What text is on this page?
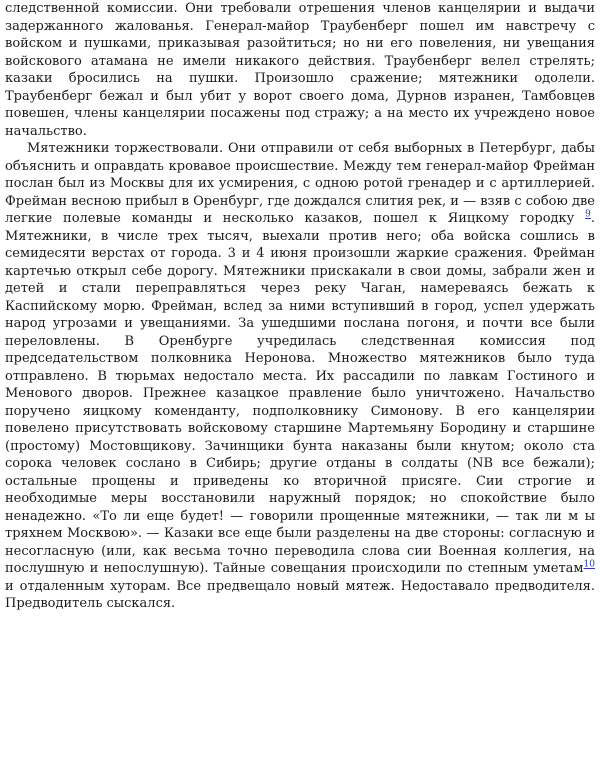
следственной комиссии. Они требовали отрешения членов канцелярии и выдачи задержанного жалованья. Генерал-майор Траубенберг пошел им навстречу с войском и пушками, приказывая разойтиться; но ни его повеления, ни увещания войскового атамана не имели никакого действия. Траубенберг велел стрелять; казаки бросились на пушки. Произошло сражение; мятежники одолели. Траубенберг бежал и был убит у ворот своего дома, Дурнов изранен, Тамбовцев повешен, члены канцелярии посажены под стражу; а на место их учреждено новое начальство.

Мятежники торжествовали. Они отправили от себя выборных в Петербург, дабы объяснить и оправдать кровавое происшествие. Между тем генерал-майор Фрейман послан был из Москвы для их усмирения, с одною ротой гренадер и с артиллерией. Фрейман весною прибыл в Оренбург, где дождался слития рек, и — взяв с собою две легкие полевые команды и несколько казаков, пошел к Яицкому городку $^9$. Мятежники, в числе трех тысяч, выехали против него; оба войска сошлись в семидесяти верстах от города. 3 и 4 июня произошли жаркие сражения. Фрейман картечью открыл себе дорогу. Мятежники прискакали в свои домы, забрали жен и детей и стали переправляться через реку Чаган, намереваясь бежать к Каспийскому морю. Фрейман, вслед за ними вступивший в город, успел удержать народ угрозами и увещаниями. За ушедшими послана погоня, и почти все были переловлены. В Оренбурге учредилась следственная комиссия под председательством полковника Неронова. Множество мятежников было туда отправлено. В тюрьмах недостало места. Их рассадили по лавкам Гостиного и Менового дворов. Прежнее казацкое правление было уничтожено. Начальство поручено яицкому коменданту, подполковнику Симонову. В его канцелярии повелено присутствовать войсковому старшине Мартемьяну Бородину и старшине (простому) Мостовщикову. Зачинщики бунта наказаны были кнутом; около ста сорока человек сослано в Сибирь; другие отданы в солдаты (NB все бежали); остальные прощены и приведены ко вторичной присяге. Сии строгие и необходимые меры восстановили наружный порядок; но спокойствие было ненадежно. «То ли еще будет! — говорили прощенные мятежники, — так ли м ы тряхнем Москвою». — Казаки все еще были разделены на две стороны: согласную и несогласную (или, как весьма точно переводила слова сии Военная коллегия, на послушную и непослушную). Тайные совещания происходили по степным уметам$^{10}$ и отдаленным хуторам. Все предвещало новый мятеж. Недоставало предводителя. Предводитель сыскался.
